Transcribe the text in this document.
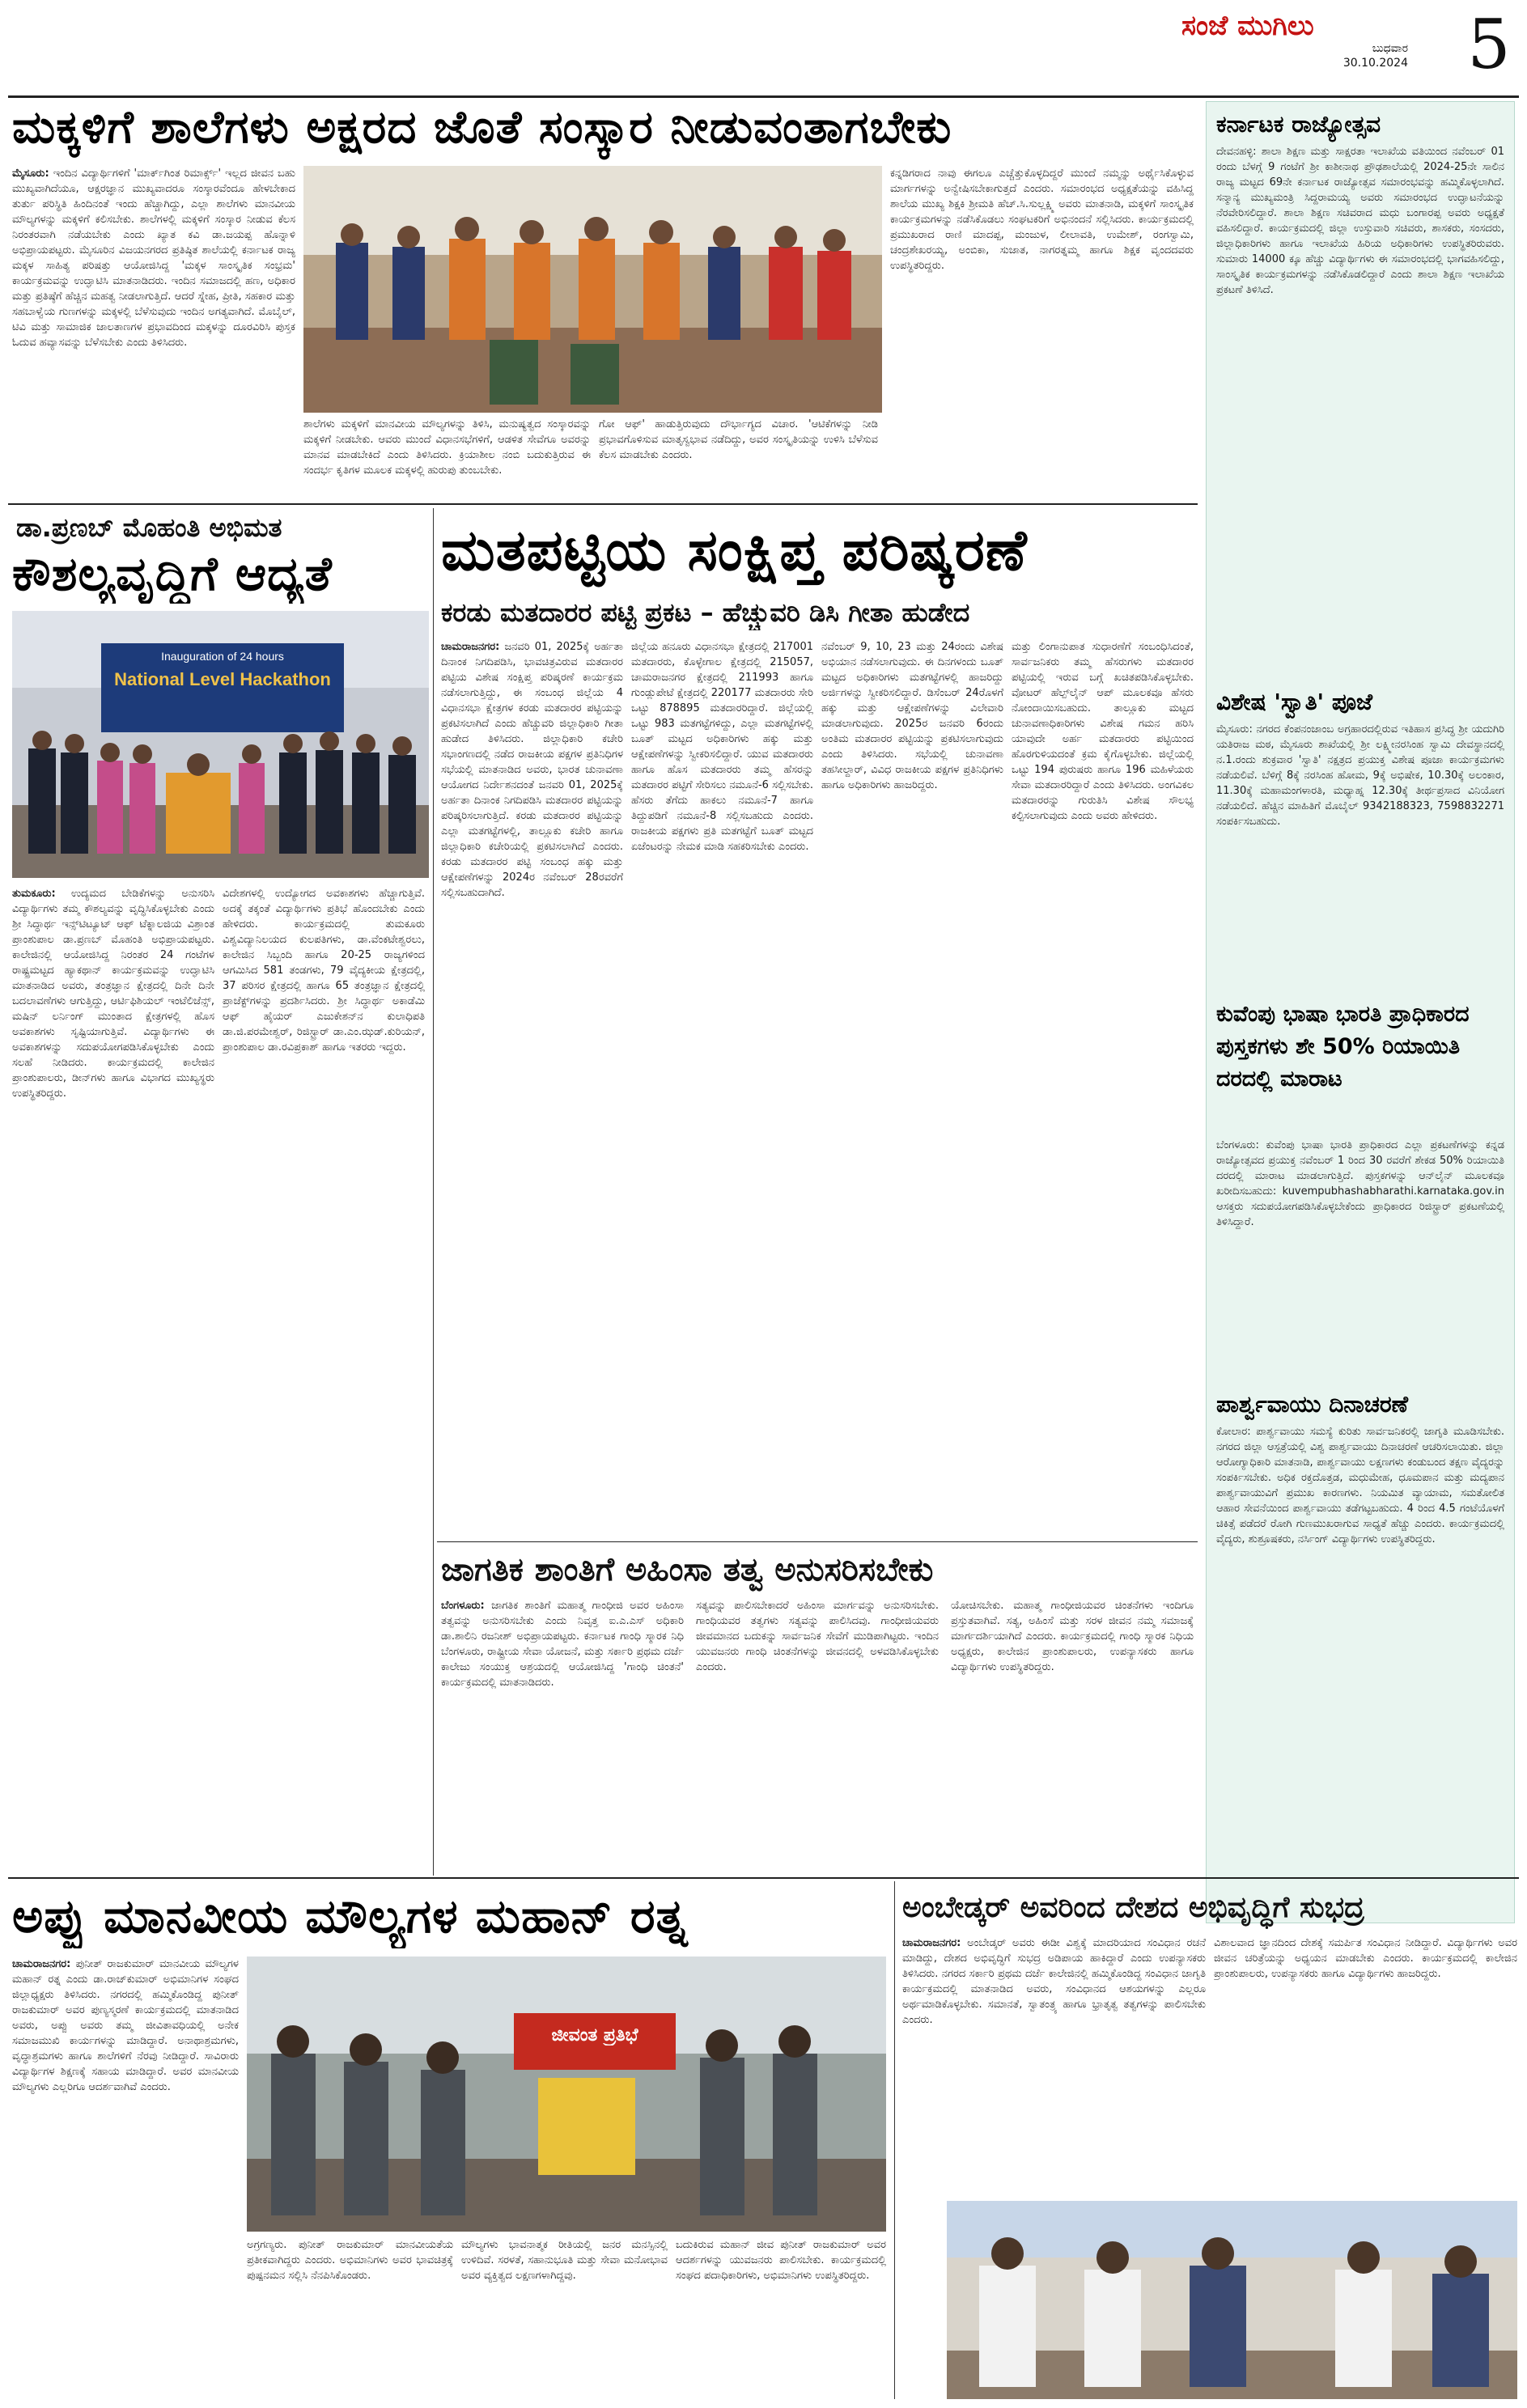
ಸಂಜೆ ಮುಗಿಲು
ಬುಧವಾರ
30.10.2024 5
ಮಕ್ಕಳಿಗೆ ಶಾಲೆಗಳು ಅಕ್ಷರದ ಜೊತೆ ಸಂಸ್ಕಾರ ನೀಡುವಂತಾಗಬೇಕು
ಮೈಸೂರು: ಇಂದಿನ ವಿದ್ಯಾರ್ಥಿಗಳಿಗೆ 'ಮಾರ್ಕ್‌ಗಿಂತ ರಿಮಾರ್ಕ್ಸ್' ಇಲ್ಲದ ಜೀವನ ಬಹು ಮುಖ್ಯವಾಗಿದೆಯೂ, ಆಕ್ಷರಜ್ಞಾನ ಮುಖ್ಯವಾದರೂ ಸಂಸ್ಕಾರವೆಂದೂ ಹೇಳಬೇಕಾದ ತುರ್ತು ಪರಿಸ್ಥಿತಿ ಹಿಂದಿನಂತೆ ಇಂದು ಹೆಚ್ಚಾಗಿದ್ದು, ಎಲ್ಲಾ ಶಾಲೆಗಳು ಮಾನವೀಯ ಮೌಲ್ಯಗಳನ್ನು ಮಕ್ಕಳಿಗೆ ಕಲಿಸಬೇಕು. ಶಾಲೆಗಳಲ್ಲಿ ಮಕ್ಕಳಿಗೆ ಸಂಸ್ಕಾರ ನೀಡುವ ಕೆಲಸ ನಿರಂತರವಾಗಿ ನಡೆಯಬೇಕು ಎಂದು ಖ್ಯಾತ ಕವಿ ಡಾ.ಜಯಪ್ಪ ಹೊನ್ನಾಳಿ ಅಭಿಪ್ರಾಯಪಟ್ಟರು. ಮೈಸೂರಿನ ವಿಜಯನಗರದ ಪ್ರತಿಷ್ಠಿತ ಶಾಲೆಯಲ್ಲಿ ಕರ್ನಾಟಕ ರಾಜ್ಯ ಮಕ್ಕಳ ಸಾಹಿತ್ಯ ಪರಿಷತ್ತು ಆಯೋಜಿಸಿದ್ದ 'ಮಕ್ಕಳ ಸಾಂಸ್ಕೃತಿಕ ಸಂಭ್ರಮ' ಕಾರ್ಯಕ್ರಮವನ್ನು ಉದ್ಘಾಟಿಸಿ ಮಾತನಾಡಿದರು. ಇಂದಿನ ಸಮಾಜದಲ್ಲಿ ಹಣ, ಅಧಿಕಾರ ಮತ್ತು ಪ್ರತಿಷ್ಠೆಗೆ ಹೆಚ್ಚಿನ ಮಹತ್ವ ನೀಡಲಾಗುತ್ತಿದೆ. ಆದರೆ ಸ್ನೇಹ, ಪ್ರೀತಿ, ಸಹಕಾರ ಮತ್ತು ಸಹಬಾಳ್ವೆಯ ಗುಣಗಳನ್ನು ಮಕ್ಕಳಲ್ಲಿ ಬೆಳೆಸುವುದು ಇಂದಿನ ಅಗತ್ಯವಾಗಿದೆ. ಮೊಬೈಲ್, ಟಿವಿ ಮತ್ತು ಸಾಮಾಜಿಕ ಜಾಲತಾಣಗಳ ಪ್ರಭಾವದಿಂದ ಮಕ್ಕಳನ್ನು ದೂರವಿರಿಸಿ ಪುಸ್ತಕ ಓದುವ ಹವ್ಯಾಸವನ್ನು ಬೆಳೆಸಬೇಕು ಎಂದು ತಿಳಿಸಿದರು.
ಶಾಲೆಗಳು ಮಕ್ಕಳಿಗೆ ಮಾನವೀಯ ಮೌಲ್ಯಗಳನ್ನು ತಿಳಿಸಿ, ಮನುಷ್ಯತ್ವದ ಸಂಸ್ಕಾರವನ್ನು ಮಕ್ಕಳಿಗೆ ನೀಡಬೇಕು. ಆವರು ಮುಂದೆ ವಿಧಾನಸಭೆಗಳಿಗೆ, ಆಡಳಿತ ಸೇವೆಗೂ ಅವರನ್ನು ಮಾನವ ಮಾಡಬೇಕಿದೆ ಎಂದು ತಿಳಿಸಿದರು. ಕ್ರಿಯಾಶೀಲ ನಂಬಿ ಬದುಕುತ್ತಿರುವ ಈ ಸಂದರ್ಭ ಕೃತಿಗಳ ಮೂಲಕ ಮಕ್ಕಳಲ್ಲಿ ಹುರುಪು ತುಂಬಬೇಕು.
ಗೋ ಆಫ್' ಹಾಡುತ್ತಿರುವುದು ದೌರ್ಭಾಗ್ಯದ ವಿಚಾರ. 'ಆಟಿಕೆಗಳನ್ನು ನೀಡಿ ಪ್ರಭಾವಗೊಳಿಸುವ ಮಾತೃಸ್ವಭಾವ ನಡೆದಿದ್ದು, ಅವರ ಸಂಸ್ಕೃತಿಯನ್ನು ಉಳಿಸಿ ಬೆಳೆಸುವ ಕೆಲಸ ಮಾಡಬೇಕು ಎಂದರು.
ಕನ್ನಡಿಗರಾದ ನಾವು ಈಗಲೂ ಎಚ್ಚೆತ್ತುಕೊಳ್ಳದಿದ್ದರೆ ಮುಂದೆ ನಮ್ಮನ್ನು ಅರ್ಥೈಸಿಕೊಳ್ಳುವ ಮಾರ್ಗಗಳನ್ನು ಅನ್ವೇಷಿಸಬೇಕಾಗುತ್ತದೆ ಎಂದರು. ಸಮಾರಂಭದ ಅಧ್ಯಕ್ಷತೆಯನ್ನು ವಹಿಸಿದ್ದ ಶಾಲೆಯ ಮುಖ್ಯ ಶಿಕ್ಷಕಿ ಶ್ರೀಮತಿ ಹೆಚ್.ಸಿ.ಸುಲ್ಲಕ್ಷ್ಮಿ ಅವರು ಮಾತನಾಡಿ, ಮಕ್ಕಳಿಗೆ ಸಾಂಸ್ಕೃತಿಕ ಕಾರ್ಯಕ್ರಮಗಳನ್ನು ನಡೆಸಿಕೊಡಲು ಸಂಘಟಕರಿಗೆ ಅಭಿನಂದನೆ ಸಲ್ಲಿಸಿದರು. ಕಾರ್ಯಕ್ರಮದಲ್ಲಿ ಪ್ರಮುಖರಾದ ರಾಣಿ ಮಾದಪ್ಪ, ಮಂಜುಳ, ಲೀಲಾವತಿ, ಉಮೇಶ್, ರಂಗಸ್ವಾಮಿ, ಚಂದ್ರಶೇಖರಯ್ಯ, ಅಂಬಿಕಾ, ಸುಜಾತ, ನಾಗರತ್ನಮ್ಮ ಹಾಗೂ ಶಿಕ್ಷಕ ವೃಂದದವರು ಉಪಸ್ಥಿತರಿದ್ದರು.
ಡಾ.ಪ್ರಣಬ್ ಮೊಹಂತಿ ಅಭಿಮತ
ಕೌಶಲ್ಯವೃದ್ಧಿಗೆ ಆದ್ಯತೆ
Inauguration of 24 hours
National Level Hackathon
ತುಮಕೂರು: ಉದ್ಯಮದ ಬೇಡಿಕೆಗಳನ್ನು ಅನುಸರಿಸಿ ವಿದ್ಯಾರ್ಥಿಗಳು ತಮ್ಮ ಕೌಶಲ್ಯವನ್ನು ವೃದ್ಧಿಸಿಕೊಳ್ಳಬೇಕು ಎಂದು ಶ್ರೀ ಸಿದ್ಧಾರ್ಥ ಇನ್ಸ್‌ಟಿಟ್ಯೂಟ್ ಆಫ್ ಟೆಕ್ನಾಲಜಿಯ ವಿಶ್ರಾಂತ ಪ್ರಾಂಶುಪಾಲ ಡಾ.ಪ್ರಣಬ್ ಮೊಹಂತಿ ಅಭಿಪ್ರಾಯಪಟ್ಟರು. ಕಾಲೇಜಿನಲ್ಲಿ ಆಯೋಜಿಸಿದ್ದ ನಿರಂತರ 24 ಗಂಟೆಗಳ ರಾಷ್ಟ್ರಮಟ್ಟದ ಹ್ಯಾಕಥಾನ್ ಕಾರ್ಯಕ್ರಮವನ್ನು ಉದ್ಘಾಟಿಸಿ ಮಾತನಾಡಿದ ಅವರು, ತಂತ್ರಜ್ಞಾನ ಕ್ಷೇತ್ರದಲ್ಲಿ ದಿನೇ ದಿನೇ ಬದಲಾವಣೆಗಳು ಆಗುತ್ತಿದ್ದು, ಆರ್ಟಿಫಿಶಿಯಲ್ ಇಂಟೆಲಿಜೆನ್ಸ್, ಮಷಿನ್ ಲರ್ನಿಂಗ್ ಮುಂತಾದ ಕ್ಷೇತ್ರಗಳಲ್ಲಿ ಹೊಸ ಅವಕಾಶಗಳು ಸೃಷ್ಟಿಯಾಗುತ್ತಿವೆ. ವಿದ್ಯಾರ್ಥಿಗಳು ಈ ಅವಕಾಶಗಳನ್ನು ಸದುಪಯೋಗಪಡಿಸಿಕೊಳ್ಳಬೇಕು ಎಂದು ಸಲಹೆ ನೀಡಿದರು. ಕಾರ್ಯಕ್ರಮದಲ್ಲಿ ಕಾಲೇಜಿನ ಪ್ರಾಂಶುಪಾಲರು, ಡೀನ್‌ಗಳು ಹಾಗೂ ವಿಭಾಗದ ಮುಖ್ಯಸ್ಥರು ಉಪಸ್ಥಿತರಿದ್ದರು.
ವಿದೇಶಗಳಲ್ಲಿ ಉದ್ಯೋಗದ ಅವಕಾಶಗಳು ಹೆಚ್ಚಾಗುತ್ತಿವೆ. ಅದಕ್ಕೆ ತಕ್ಕಂತೆ ವಿದ್ಯಾರ್ಥಿಗಳು ಪ್ರತಿಭೆ ಹೊಂದಬೇಕು ಎಂದು ಹೇಳಿದರು. ಕಾರ್ಯಕ್ರಮದಲ್ಲಿ ತುಮಕೂರು ವಿಶ್ವವಿದ್ಯಾನಿಲಯದ ಕುಲಪತಿಗಳು, ಡಾ.ವೆಂಕಟೇಶ್ವರಲು, ಕಾಲೇಜಿನ ಸಿಬ್ಬಂದಿ ಹಾಗೂ 20-25 ರಾಜ್ಯಗಳಿಂದ ಆಗಮಿಸಿದ 581 ತಂಡಗಳು, 79 ವೈದ್ಯಕೀಯ ಕ್ಷೇತ್ರದಲ್ಲಿ, 37 ಪರಿಸರ ಕ್ಷೇತ್ರದಲ್ಲಿ ಹಾಗೂ 65 ತಂತ್ರಜ್ಞಾನ ಕ್ಷೇತ್ರದಲ್ಲಿ ಪ್ರಾಜೆಕ್ಟ್‌ಗಳನ್ನು ಪ್ರದರ್ಶಿಸಿದರು. ಶ್ರೀ ಸಿದ್ಧಾರ್ಥ ಅಕಾಡೆಮಿ ಆಫ್ ಹೈಯರ್ ಎಜುಕೇಶನ್‌ನ ಕುಲಾಧಿಪತಿ ಡಾ.ಜಿ.ಪರಮೇಶ್ವರ್, ರಿಜಿಸ್ಟ್ರಾರ್ ಡಾ.ಎಂ.ಝಡ್.ಕುರಿಯನ್, ಪ್ರಾಂಶುಪಾಲ ಡಾ.ರವಿಪ್ರಕಾಶ್ ಹಾಗೂ ಇತರರು ಇದ್ದರು.
ಮತಪಟ್ಟಿಯ ಸಂಕ್ಷಿಪ್ತ ಪರಿಷ್ಕರಣೆ
ಕರಡು ಮತದಾರರ ಪಟ್ಟಿ ಪ್ರಕಟ – ಹೆಚ್ಚುವರಿ ಡಿಸಿ ಗೀತಾ ಹುಡೇದ
ಚಾಮರಾಜನಗರ: ಜನವರಿ 01, 2025ಕ್ಕೆ ಅರ್ಹತಾ ದಿನಾಂಕ ನಿಗದಿಪಡಿಸಿ, ಭಾವಚಿತ್ರವಿರುವ ಮತದಾರರ ಪಟ್ಟಿಯ ವಿಶೇಷ ಸಂಕ್ಷಿಪ್ತ ಪರಿಷ್ಕರಣೆ ಕಾರ್ಯಕ್ರಮ ನಡೆಸಲಾಗುತ್ತಿದ್ದು, ಈ ಸಂಬಂಧ ಜಿಲ್ಲೆಯ 4 ವಿಧಾನಸಭಾ ಕ್ಷೇತ್ರಗಳ ಕರಡು ಮತದಾರರ ಪಟ್ಟಿಯನ್ನು ಪ್ರಕಟಿಸಲಾಗಿದೆ ಎಂದು ಹೆಚ್ಚುವರಿ ಜಿಲ್ಲಾಧಿಕಾರಿ ಗೀತಾ ಹುಡೇದ ತಿಳಿಸಿದರು. ಜಿಲ್ಲಾಧಿಕಾರಿ ಕಚೇರಿ ಸಭಾಂಗಣದಲ್ಲಿ ನಡೆದ ರಾಜಕೀಯ ಪಕ್ಷಗಳ ಪ್ರತಿನಿಧಿಗಳ ಸಭೆಯಲ್ಲಿ ಮಾತನಾಡಿದ ಅವರು, ಭಾರತ ಚುನಾವಣಾ ಆಯೋಗದ ನಿರ್ದೇಶನದಂತೆ ಜನವರಿ 01, 2025ಕ್ಕೆ ಅರ್ಹತಾ ದಿನಾಂಕ ನಿಗದಿಪಡಿಸಿ ಮತದಾರರ ಪಟ್ಟಿಯನ್ನು ಪರಿಷ್ಕರಿಸಲಾಗುತ್ತಿದೆ. ಕರಡು ಮತದಾರರ ಪಟ್ಟಿಯನ್ನು ಎಲ್ಲಾ ಮತಗಟ್ಟೆಗಳಲ್ಲಿ, ತಾಲ್ಲೂಕು ಕಚೇರಿ ಹಾಗೂ ಜಿಲ್ಲಾಧಿಕಾರಿ ಕಚೇರಿಯಲ್ಲಿ ಪ್ರಕಟಿಸಲಾಗಿದೆ ಎಂದರು. ಕರಡು ಮತದಾರರ ಪಟ್ಟಿ ಸಂಬಂಧ ಹಕ್ಕು ಮತ್ತು ಆಕ್ಷೇಪಣೆಗಳನ್ನು 2024ರ ನವೆಂಬರ್ 28ರವರೆಗೆ ಸಲ್ಲಿಸಬಹುದಾಗಿದೆ.
ಜಿಲ್ಲೆಯ ಹನೂರು ವಿಧಾನಸಭಾ ಕ್ಷೇತ್ರದಲ್ಲಿ 217001 ಮತದಾರರು, ಕೊಳ್ಳೇಗಾಲ ಕ್ಷೇತ್ರದಲ್ಲಿ 215057, ಚಾಮರಾಜನಗರ ಕ್ಷೇತ್ರದಲ್ಲಿ 211993 ಹಾಗೂ ಗುಂಡ್ಲುಪೇಟೆ ಕ್ಷೇತ್ರದಲ್ಲಿ 220177 ಮತದಾರರು ಸೇರಿ ಒಟ್ಟು 878895 ಮತದಾರರಿದ್ದಾರೆ. ಜಿಲ್ಲೆಯಲ್ಲಿ ಒಟ್ಟು 983 ಮತಗಟ್ಟೆಗಳಿದ್ದು, ಎಲ್ಲಾ ಮತಗಟ್ಟೆಗಳಲ್ಲಿ ಬೂತ್ ಮಟ್ಟದ ಅಧಿಕಾರಿಗಳು ಹಕ್ಕು ಮತ್ತು ಆಕ್ಷೇಪಣೆಗಳನ್ನು ಸ್ವೀಕರಿಸಲಿದ್ದಾರೆ. ಯುವ ಮತದಾರರು ಹಾಗೂ ಹೊಸ ಮತದಾರರು ತಮ್ಮ ಹೆಸರನ್ನು ಮತದಾರರ ಪಟ್ಟಿಗೆ ಸೇರಿಸಲು ನಮೂನೆ-6 ಸಲ್ಲಿಸಬೇಕು. ಹೆಸರು ತೆಗೆದು ಹಾಕಲು ನಮೂನೆ-7 ಹಾಗೂ ತಿದ್ದುಪಡಿಗೆ ನಮೂನೆ-8 ಸಲ್ಲಿಸಬಹುದು ಎಂದರು. ರಾಜಕೀಯ ಪಕ್ಷಗಳು ಪ್ರತಿ ಮತಗಟ್ಟೆಗೆ ಬೂತ್ ಮಟ್ಟದ ಏಜೆಂಟರನ್ನು ನೇಮಕ ಮಾಡಿ ಸಹಕರಿಸಬೇಕು ಎಂದರು.
ನವೆಂಬರ್ 9, 10, 23 ಮತ್ತು 24ರಂದು ವಿಶೇಷ ಅಭಿಯಾನ ನಡೆಸಲಾಗುವುದು. ಈ ದಿನಗಳಂದು ಬೂತ್ ಮಟ್ಟದ ಅಧಿಕಾರಿಗಳು ಮತಗಟ್ಟೆಗಳಲ್ಲಿ ಹಾಜರಿದ್ದು ಅರ್ಜಿಗಳನ್ನು ಸ್ವೀಕರಿಸಲಿದ್ದಾರೆ. ಡಿಸೆಂಬರ್ 24ರೊಳಗೆ ಹಕ್ಕು ಮತ್ತು ಆಕ್ಷೇಪಣೆಗಳನ್ನು ವಿಲೇವಾರಿ ಮಾಡಲಾಗುವುದು. 2025ರ ಜನವರಿ 6ರಂದು ಅಂತಿಮ ಮತದಾರರ ಪಟ್ಟಿಯನ್ನು ಪ್ರಕಟಿಸಲಾಗುವುದು ಎಂದು ತಿಳಿಸಿದರು. ಸಭೆಯಲ್ಲಿ ಚುನಾವಣಾ ತಹಸೀಲ್ದಾರ್, ವಿವಿಧ ರಾಜಕೀಯ ಪಕ್ಷಗಳ ಪ್ರತಿನಿಧಿಗಳು ಹಾಗೂ ಅಧಿಕಾರಿಗಳು ಹಾಜರಿದ್ದರು.
ಮತ್ತು ಲಿಂಗಾನುಪಾತ ಸುಧಾರಣೆಗೆ ಸಂಬಂಧಿಸಿದಂತೆ, ಸಾರ್ವಜನಿಕರು ತಮ್ಮ ಹೆಸರುಗಳು ಮತದಾರರ ಪಟ್ಟಿಯಲ್ಲಿ ಇರುವ ಬಗ್ಗೆ ಖಚಿತಪಡಿಸಿಕೊಳ್ಳಬೇಕು. ವೋಟರ್ ಹೆಲ್ಪ್‌ಲೈನ್ ಆಪ್ ಮೂಲಕವೂ ಹೆಸರು ನೋಂದಾಯಿಸಬಹುದು. ತಾಲ್ಲೂಕು ಮಟ್ಟದ ಚುನಾವಣಾಧಿಕಾರಿಗಳು ವಿಶೇಷ ಗಮನ ಹರಿಸಿ ಯಾವುದೇ ಅರ್ಹ ಮತದಾರರು ಪಟ್ಟಿಯಿಂದ ಹೊರಗುಳಿಯದಂತೆ ಕ್ರಮ ಕೈಗೊಳ್ಳಬೇಕು. ಜಿಲ್ಲೆಯಲ್ಲಿ ಒಟ್ಟು 194 ಪುರುಷರು ಹಾಗೂ 196 ಮಹಿಳೆಯರು ಸೇವಾ ಮತದಾರರಿದ್ದಾರೆ ಎಂದು ತಿಳಿಸಿದರು. ಅಂಗವಿಕಲ ಮತದಾರರನ್ನು ಗುರುತಿಸಿ ವಿಶೇಷ ಸೌಲಭ್ಯ ಕಲ್ಪಿಸಲಾಗುವುದು ಎಂದು ಅವರು ಹೇಳಿದರು.
ಜಾಗತಿಕ ಶಾಂತಿಗೆ ಅಹಿಂಸಾ ತತ್ವ ಅನುಸರಿಸಬೇಕು
ಬೆಂಗಳೂರು: ಜಾಗತಿಕ ಶಾಂತಿಗೆ ಮಹಾತ್ಮ ಗಾಂಧೀಜಿ ಅವರ ಅಹಿಂಸಾ ತತ್ವವನ್ನು ಅನುಸರಿಸಬೇಕು ಎಂದು ನಿವೃತ್ತ ಐ.ಎ.ಎಸ್ ಅಧಿಕಾರಿ ಡಾ.ಶಾಲಿನಿ ರಜನೀಶ್ ಅಭಿಪ್ರಾಯಪಟ್ಟರು. ಕರ್ನಾಟಕ ಗಾಂಧಿ ಸ್ಮಾರಕ ನಿಧಿ ಬೆಂಗಳೂರು, ರಾಷ್ಟ್ರೀಯ ಸೇವಾ ಯೋಜನೆ, ಮತ್ತು ಸರ್ಕಾರಿ ಪ್ರಥಮ ದರ್ಜೆ ಕಾಲೇಜು ಸಂಯುಕ್ತ ಆಶ್ರಯದಲ್ಲಿ ಆಯೋಜಿಸಿದ್ದ 'ಗಾಂಧಿ ಚಿಂತನೆ' ಕಾರ್ಯಕ್ರಮದಲ್ಲಿ ಮಾತನಾಡಿದರು.
ಸತ್ಯವನ್ನು ಪಾಲಿಸಬೇಕಾದರೆ ಅಹಿಂಸಾ ಮಾರ್ಗವನ್ನು ಅನುಸರಿಸಬೇಕು. ಗಾಂಧಿಯವರ ತತ್ವಗಳು ಸತ್ಯವನ್ನು ಪಾಲಿಸಿದವು. ಗಾಂಧೀಜಿಯವರು ಜೀವಮಾನದ ಬದುಕನ್ನು ಸಾರ್ವಜನಿಕ ಸೇವೆಗೆ ಮುಡಿಪಾಗಿಟ್ಟರು. ಇಂದಿನ ಯುವಜನರು ಗಾಂಧಿ ಚಿಂತನೆಗಳನ್ನು ಜೀವನದಲ್ಲಿ ಅಳವಡಿಸಿಕೊಳ್ಳಬೇಕು ಎಂದರು.
ಯೋಚಿಸಬೇಕು. ಮಹಾತ್ಮ ಗಾಂಧೀಜಿಯವರ ಚಿಂತನೆಗಳು ಇಂದಿಗೂ ಪ್ರಸ್ತುತವಾಗಿವೆ. ಸತ್ಯ, ಅಹಿಂಸೆ ಮತ್ತು ಸರಳ ಜೀವನ ನಮ್ಮ ಸಮಾಜಕ್ಕೆ ಮಾರ್ಗದರ್ಶಿಯಾಗಿದೆ ಎಂದರು. ಕಾರ್ಯಕ್ರಮದಲ್ಲಿ ಗಾಂಧಿ ಸ್ಮಾರಕ ನಿಧಿಯ ಅಧ್ಯಕ್ಷರು, ಕಾಲೇಜಿನ ಪ್ರಾಂಶುಪಾಲರು, ಉಪನ್ಯಾಸಕರು ಹಾಗೂ ವಿದ್ಯಾರ್ಥಿಗಳು ಉಪಸ್ಥಿತರಿದ್ದರು.
ಕರ್ನಾಟಕ ರಾಜ್ಯೋತ್ಸವ
ದೇವನಹಳ್ಳಿ: ಶಾಲಾ ಶಿಕ್ಷಣ ಮತ್ತು ಸಾಕ್ಷರತಾ ಇಲಾಖೆಯ ವತಿಯಿಂದ ನವೆಂಬರ್ 01 ರಂದು ಬೆಳಗ್ಗೆ 9 ಗಂಟೆಗೆ ಶ್ರೀ ಕಾಶೀನಾಥ ಪ್ರೌಢಶಾಲೆಯಲ್ಲಿ 2024-25ನೇ ಸಾಲಿನ ರಾಜ್ಯ ಮಟ್ಟದ 69ನೇ ಕರ್ನಾಟಕ ರಾಜ್ಯೋತ್ಸವ ಸಮಾರಂಭವನ್ನು ಹಮ್ಮಿಕೊಳ್ಳಲಾಗಿದೆ. ಸನ್ಮಾನ್ಯ ಮುಖ್ಯಮಂತ್ರಿ ಸಿದ್ದರಾಮಯ್ಯ ಅವರು ಸಮಾರಂಭದ ಉದ್ಘಾಟನೆಯನ್ನು ನೆರವೇರಿಸಲಿದ್ದಾರೆ. ಶಾಲಾ ಶಿಕ್ಷಣ ಸಚಿವರಾದ ಮಧು ಬಂಗಾರಪ್ಪ ಅವರು ಅಧ್ಯಕ್ಷತೆ ವಹಿಸಲಿದ್ದಾರೆ. ಕಾರ್ಯಕ್ರಮದಲ್ಲಿ ಜಿಲ್ಲಾ ಉಸ್ತುವಾರಿ ಸಚಿವರು, ಶಾಸಕರು, ಸಂಸದರು, ಜಿಲ್ಲಾಧಿಕಾರಿಗಳು ಹಾಗೂ ಇಲಾಖೆಯ ಹಿರಿಯ ಅಧಿಕಾರಿಗಳು ಉಪಸ್ಥಿತರಿರುವರು. ಸುಮಾರು 14000 ಕ್ಕೂ ಹೆಚ್ಚು ವಿದ್ಯಾರ್ಥಿಗಳು ಈ ಸಮಾರಂಭದಲ್ಲಿ ಭಾಗವಹಿಸಲಿದ್ದು, ಸಾಂಸ್ಕೃತಿಕ ಕಾರ್ಯಕ್ರಮಗಳನ್ನು ನಡೆಸಿಕೊಡಲಿದ್ದಾರೆ ಎಂದು ಶಾಲಾ ಶಿಕ್ಷಣ ಇಲಾಖೆಯ ಪ್ರಕಟಣೆ ತಿಳಿಸಿದೆ.
ವಿಶೇಷ 'ಸ್ವಾತಿ' ಪೂಜೆ
ಮೈಸೂರು: ನಗರದ ಕೆಂಪನಂಜಾಂಬ ಅಗ್ರಹಾರದಲ್ಲಿರುವ ಇತಿಹಾಸ ಪ್ರಸಿದ್ಧ ಶ್ರೀ ಯದುಗಿರಿ ಯತಿರಾಜ ಮಠ, ಮೈಸೂರು ಶಾಖೆಯಲ್ಲಿ ಶ್ರೀ ಲಕ್ಷ್ಮೀನರಸಿಂಹ ಸ್ವಾಮಿ ದೇವಸ್ಥಾನದಲ್ಲಿ ನ.1.ರಂದು ಶುಕ್ರವಾರ 'ಸ್ವಾತಿ' ನಕ್ಷತ್ರದ ಪ್ರಯುಕ್ತ ವಿಶೇಷ ಪೂಜಾ ಕಾರ್ಯಕ್ರಮಗಳು ನಡೆಯಲಿವೆ. ಬೆಳಿಗ್ಗೆ 8ಕ್ಕೆ ನರಸಿಂಹ ಹೋಮ, 9ಕ್ಕೆ ಅಭಿಷೇಕ, 10.30ಕ್ಕೆ ಅಲಂಕಾರ, 11.30ಕ್ಕೆ ಮಹಾಮಂಗಳಾರತಿ, ಮಧ್ಯಾಹ್ನ 12.30ಕ್ಕೆ ತೀರ್ಥಪ್ರಸಾದ ವಿನಿಯೋಗ ನಡೆಯಲಿದೆ. ಹೆಚ್ಚಿನ ಮಾಹಿತಿಗೆ ಮೊಬೈಲ್ 9342188323, 7598832271 ಸಂಪರ್ಕಿಸಬಹುದು.
ಕುವೆಂಪು ಭಾಷಾ ಭಾರತಿ ಪ್ರಾಧಿಕಾರದ ಪುಸ್ತಕಗಳು ಶೇ 50% ರಿಯಾಯಿತಿ ದರದಲ್ಲಿ ಮಾರಾಟ
ಬೆಂಗಳೂರು: ಕುವೆಂಪು ಭಾಷಾ ಭಾರತಿ ಪ್ರಾಧಿಕಾರದ ಎಲ್ಲಾ ಪ್ರಕಟಣೆಗಳನ್ನು ಕನ್ನಡ ರಾಜ್ಯೋತ್ಸವದ ಪ್ರಯುಕ್ತ ನವೆಂಬರ್ 1 ರಿಂದ 30 ರವರೆಗೆ ಶೇಕಡ 50% ರಿಯಾಯಿತಿ ದರದಲ್ಲಿ ಮಾರಾಟ ಮಾಡಲಾಗುತ್ತಿದೆ. ಪುಸ್ತಕಗಳನ್ನು ಆನ್‌ಲೈನ್ ಮೂಲಕವೂ ಖರೀದಿಸಬಹುದು: kuvempubhashabharathi.karnataka.gov.in ಆಸಕ್ತರು ಸದುಪಯೋಗಪಡಿಸಿಕೊಳ್ಳಬೇಕೆಂದು ಪ್ರಾಧಿಕಾರದ ರಿಜಿಸ್ಟ್ರಾರ್ ಪ್ರಕಟಣೆಯಲ್ಲಿ ತಿಳಿಸಿದ್ದಾರೆ.
ಪಾರ್ಶ್ವವಾಯು ದಿನಾಚರಣೆ
ಕೋಲಾರ: ಪಾರ್ಶ್ವವಾಯು ಸಮಸ್ಯೆ ಕುರಿತು ಸಾರ್ವಜನಿಕರಲ್ಲಿ ಜಾಗೃತಿ ಮೂಡಿಸಬೇಕು. ನಗರದ ಜಿಲ್ಲಾ ಆಸ್ಪತ್ರೆಯಲ್ಲಿ ವಿಶ್ವ ಪಾರ್ಶ್ವವಾಯು ದಿನಾಚರಣೆ ಆಚರಿಸಲಾಯಿತು. ಜಿಲ್ಲಾ ಆರೋಗ್ಯಾಧಿಕಾರಿ ಮಾತನಾಡಿ, ಪಾರ್ಶ್ವವಾಯು ಲಕ್ಷಣಗಳು ಕಂಡುಬಂದ ತಕ್ಷಣ ವೈದ್ಯರನ್ನು ಸಂಪರ್ಕಿಸಬೇಕು. ಅಧಿಕ ರಕ್ತದೊತ್ತಡ, ಮಧುಮೇಹ, ಧೂಮಪಾನ ಮತ್ತು ಮದ್ಯಪಾನ ಪಾರ್ಶ್ವವಾಯುವಿಗೆ ಪ್ರಮುಖ ಕಾರಣಗಳು. ನಿಯಮಿತ ವ್ಯಾಯಾಮ, ಸಮತೋಲಿತ ಆಹಾರ ಸೇವನೆಯಿಂದ ಪಾರ್ಶ್ವವಾಯು ತಡೆಗಟ್ಟಬಹುದು. 4 ರಿಂದ 4.5 ಗಂಟೆಯೊಳಗೆ ಚಿಕಿತ್ಸೆ ಪಡೆದರೆ ರೋಗಿ ಗುಣಮುಖರಾಗುವ ಸಾಧ್ಯತೆ ಹೆಚ್ಚು ಎಂದರು. ಕಾರ್ಯಕ್ರಮದಲ್ಲಿ ವೈದ್ಯರು, ಶುಶ್ರೂಷಕರು, ನರ್ಸಿಂಗ್ ವಿದ್ಯಾರ್ಥಿಗಳು ಉಪಸ್ಥಿತರಿದ್ದರು.
ಅಪ್ಪು ಮಾನವೀಯ ಮೌಲ್ಯಗಳ ಮಹಾನ್ ರತ್ನ
ಜೀವಂತ ಪ್ರತಿಭೆ
ಚಾಮರಾಜನಗರ: ಪುನೀತ್ ರಾಜಕುಮಾರ್ ಮಾನವೀಯ ಮೌಲ್ಯಗಳ ಮಹಾನ್ ರತ್ನ ಎಂದು ಡಾ.ರಾಜ್‌ಕುಮಾರ್ ಅಭಿಮಾನಿಗಳ ಸಂಘದ ಜಿಲ್ಲಾಧ್ಯಕ್ಷರು ತಿಳಿಸಿದರು. ನಗರದಲ್ಲಿ ಹಮ್ಮಿಕೊಂಡಿದ್ದ ಪುನೀತ್ ರಾಜಕುಮಾರ್ ಅವರ ಪುಣ್ಯಸ್ಮರಣೆ ಕಾರ್ಯಕ್ರಮದಲ್ಲಿ ಮಾತನಾಡಿದ ಅವರು, ಅಪ್ಪು ಅವರು ತಮ್ಮ ಜೀವಿತಾವಧಿಯಲ್ಲಿ ಅನೇಕ ಸಮಾಜಮುಖಿ ಕಾರ್ಯಗಳನ್ನು ಮಾಡಿದ್ದಾರೆ. ಅನಾಥಾಶ್ರಮಗಳು, ವೃದ್ಧಾಶ್ರಮಗಳು ಹಾಗೂ ಶಾಲೆಗಳಿಗೆ ನೆರವು ನೀಡಿದ್ದಾರೆ. ಸಾವಿರಾರು ವಿದ್ಯಾರ್ಥಿಗಳ ಶಿಕ್ಷಣಕ್ಕೆ ಸಹಾಯ ಮಾಡಿದ್ದಾರೆ. ಅವರ ಮಾನವೀಯ ಮೌಲ್ಯಗಳು ಎಲ್ಲರಿಗೂ ಆದರ್ಶವಾಗಿವೆ ಎಂದರು.
ಅಗ್ರಗಣ್ಯರು. ಪುನೀತ್ ರಾಜಕುಮಾರ್ ಮಾನವೀಯತೆಯ ಪ್ರತೀಕವಾಗಿದ್ದರು ಎಂದರು. ಅಭಿಮಾನಿಗಳು ಅವರ ಭಾವಚಿತ್ರಕ್ಕೆ ಪುಷ್ಪನಮನ ಸಲ್ಲಿಸಿ ನೆನಪಿಸಿಕೊಂಡರು.
ಮೌಲ್ಯಗಳು ಭಾವನಾತ್ಮಕ ರೀತಿಯಲ್ಲಿ ಜನರ ಮನಸ್ಸಿನಲ್ಲಿ ಉಳಿದಿವೆ. ಸರಳತೆ, ಸಹಾನುಭೂತಿ ಮತ್ತು ಸೇವಾ ಮನೋಭಾವ ಅವರ ವ್ಯಕ್ತಿತ್ವದ ಲಕ್ಷಣಗಳಾಗಿದ್ದವು.
ಬದುಕಿರುವ ಮಹಾನ್ ಜೀವ ಪುನೀತ್ ರಾಜಕುಮಾರ್ ಅವರ ಆದರ್ಶಗಳನ್ನು ಯುವಜನರು ಪಾಲಿಸಬೇಕು. ಕಾರ್ಯಕ್ರಮದಲ್ಲಿ ಸಂಘದ ಪದಾಧಿಕಾರಿಗಳು, ಅಭಿಮಾನಿಗಳು ಉಪಸ್ಥಿತರಿದ್ದರು.
ಅಂಬೇಡ್ಕರ್ ಅವರಿಂದ ದೇಶದ ಅಭಿವೃದ್ಧಿಗೆ ಸುಭದ್ರ
ಚಾಮರಾಜನಗರ: ಅಂಬೇಡ್ಕರ್ ಅವರು ಈಡೀ ವಿಶ್ವಕ್ಕೆ ಮಾದರಿಯಾದ ಸಂವಿಧಾನ ರಚನೆ ಮಾಡಿದ್ದು, ದೇಶದ ಅಭಿವೃದ್ಧಿಗೆ ಸುಭದ್ರ ಅಡಿಪಾಯ ಹಾಕಿದ್ದಾರೆ ಎಂದು ಉಪನ್ಯಾಸಕರು ತಿಳಿಸಿದರು. ನಗರದ ಸರ್ಕಾರಿ ಪ್ರಥಮ ದರ್ಜೆ ಕಾಲೇಜಿನಲ್ಲಿ ಹಮ್ಮಿಕೊಂಡಿದ್ದ ಸಂವಿಧಾನ ಜಾಗೃತಿ ಕಾರ್ಯಕ್ರಮದಲ್ಲಿ ಮಾತನಾಡಿದ ಅವರು, ಸಂವಿಧಾನದ ಆಶಯಗಳನ್ನು ಎಲ್ಲರೂ ಅರ್ಥಮಾಡಿಕೊಳ್ಳಬೇಕು. ಸಮಾನತೆ, ಸ್ವಾತಂತ್ರ್ಯ ಹಾಗೂ ಭ್ರಾತೃತ್ವ ತತ್ವಗಳನ್ನು ಪಾಲಿಸಬೇಕು ಎಂದರು.
ವಿಶಾಲವಾದ ಜ್ಞಾನದಿಂದ ದೇಶಕ್ಕೆ ಸಮರ್ಪಿತ ಸಂವಿಧಾನ ನೀಡಿದ್ದಾರೆ. ವಿದ್ಯಾರ್ಥಿಗಳು ಅವರ ಜೀವನ ಚರಿತ್ರೆಯನ್ನು ಅಧ್ಯಯನ ಮಾಡಬೇಕು ಎಂದರು. ಕಾರ್ಯಕ್ರಮದಲ್ಲಿ ಕಾಲೇಜಿನ ಪ್ರಾಂಶುಪಾಲರು, ಉಪನ್ಯಾಸಕರು ಹಾಗೂ ವಿದ್ಯಾರ್ಥಿಗಳು ಹಾಜರಿದ್ದರು.
